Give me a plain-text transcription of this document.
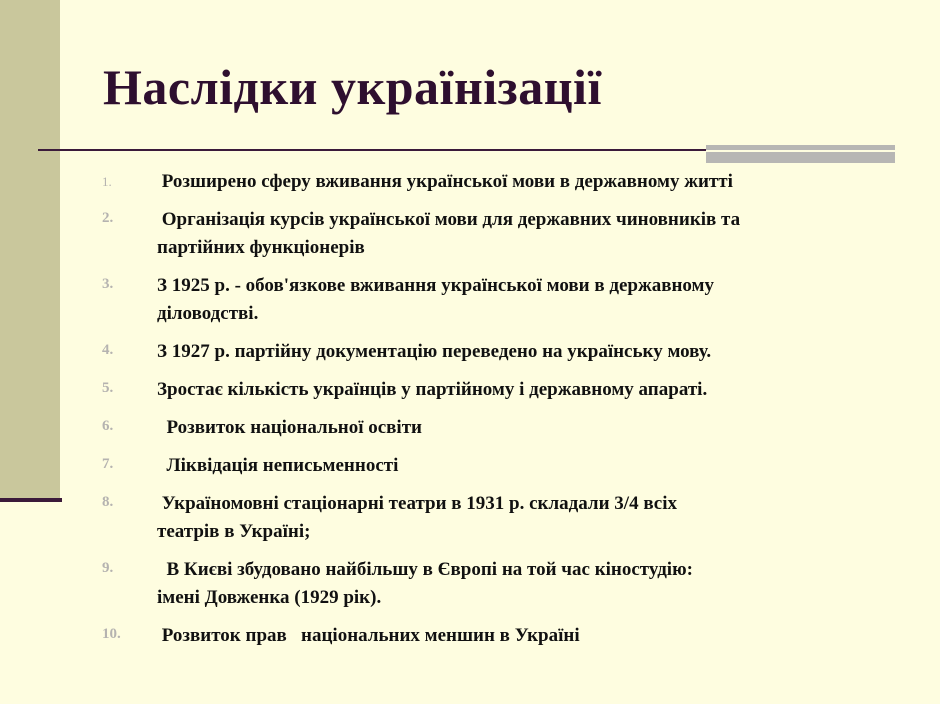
Наслідки українізації
1. Розширено сферу вживання української мови в державному житті
2.	Організація курсів української мови для державних чиновників та
партійних функціонерів
3. З 1925 р. - обов'язкове вживання української мови в державному
діловодстві.
4. З 1927 р. партійну документацію переведено на українську мову.
5. Зростає кількість українців у партійному і державному апараті.
6. Розвиток національної освіти
7. Ліквідація неписьменності
8.	Україномовні стаціонарні театри в 1931 р. складали 3/4 всіх
театрів в Україні;
9.	В Києві збудовано найбільшу в Європі на той час кіностудію:
імені Довженка (1929 рік).
10. Розвиток прав   національних меншин в Україні
